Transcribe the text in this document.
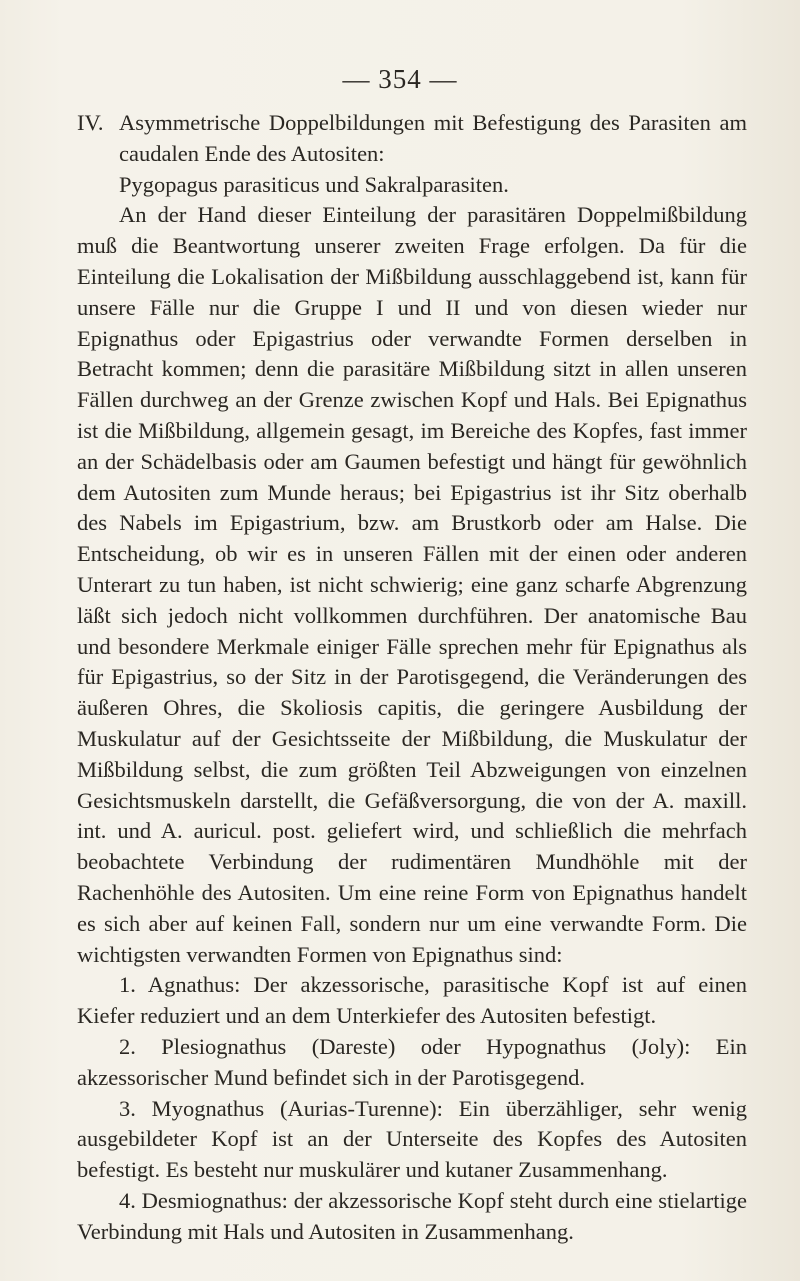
— 354 —

IV. Asymmetrische Doppelbildungen mit Befestigung des Parasiten am caudalen Ende des Autositen:

Pygopagus parasiticus und Sakralparasiten.

An der Hand dieser Einteilung der parasitären Doppelmißbildung muß die Beantwortung unserer zweiten Frage erfolgen. Da für die Einteilung die Lokalisation der Mißbildung ausschlaggebend ist, kann für unsere Fälle nur die Gruppe I und II und von diesen wieder nur Epignathus oder Epigastrius oder verwandte Formen derselben in Betracht kommen; denn die parasitäre Mißbildung sitzt in allen unseren Fällen durchweg an der Grenze zwischen Kopf und Hals. Bei Epignathus ist die Mißbildung, allgemein gesagt, im Bereiche des Kopfes, fast immer an der Schädelbasis oder am Gaumen befestigt und hängt für gewöhnlich dem Autositen zum Munde heraus; bei Epigastrius ist ihr Sitz oberhalb des Nabels im Epigastrium, bzw. am Brustkorb oder am Halse. Die Entscheidung, ob wir es in unseren Fällen mit der einen oder anderen Unterart zu tun haben, ist nicht schwierig; eine ganz scharfe Abgrenzung läßt sich jedoch nicht vollkommen durchführen. Der anatomische Bau und besondere Merkmale einiger Fälle sprechen mehr für Epignathus als für Epigastrius, so der Sitz in der Parotisgegend, die Veränderungen des äußeren Ohres, die Skoliosis capitis, die geringere Ausbildung der Muskulatur auf der Gesichtsseite der Mißbildung, die Muskulatur der Mißbildung selbst, die zum größten Teil Abzweigungen von einzelnen Gesichtsmuskeln darstellt, die Gefäßversorgung, die von der A. maxill. int. und A. auricul. post. geliefert wird, und schließlich die mehrfach beobachtete Verbindung der rudimentären Mundhöhle mit der Rachenhöhle des Autositen. Um eine reine Form von Epignathus handelt es sich aber auf keinen Fall, sondern nur um eine verwandte Form. Die wichtigsten verwandten Formen von Epignathus sind:

1. Agnathus: Der akzessorische, parasitische Kopf ist auf einen Kiefer reduziert und an dem Unterkiefer des Autositen befestigt.

2. Plesiognathus (Dareste) oder Hypognathus (Joly): Ein akzessorischer Mund befindet sich in der Parotisgegend.

3. Myognathus (Aurias-Turenne): Ein überzähliger, sehr wenig ausgebildeter Kopf ist an der Unterseite des Kopfes des Autositen befestigt. Es besteht nur muskulärer und kutaner Zusammenhang.

4. Desmiognathus: der akzessorische Kopf steht durch eine stielartige Verbindung mit Hals und Autositen in Zusammenhang.
